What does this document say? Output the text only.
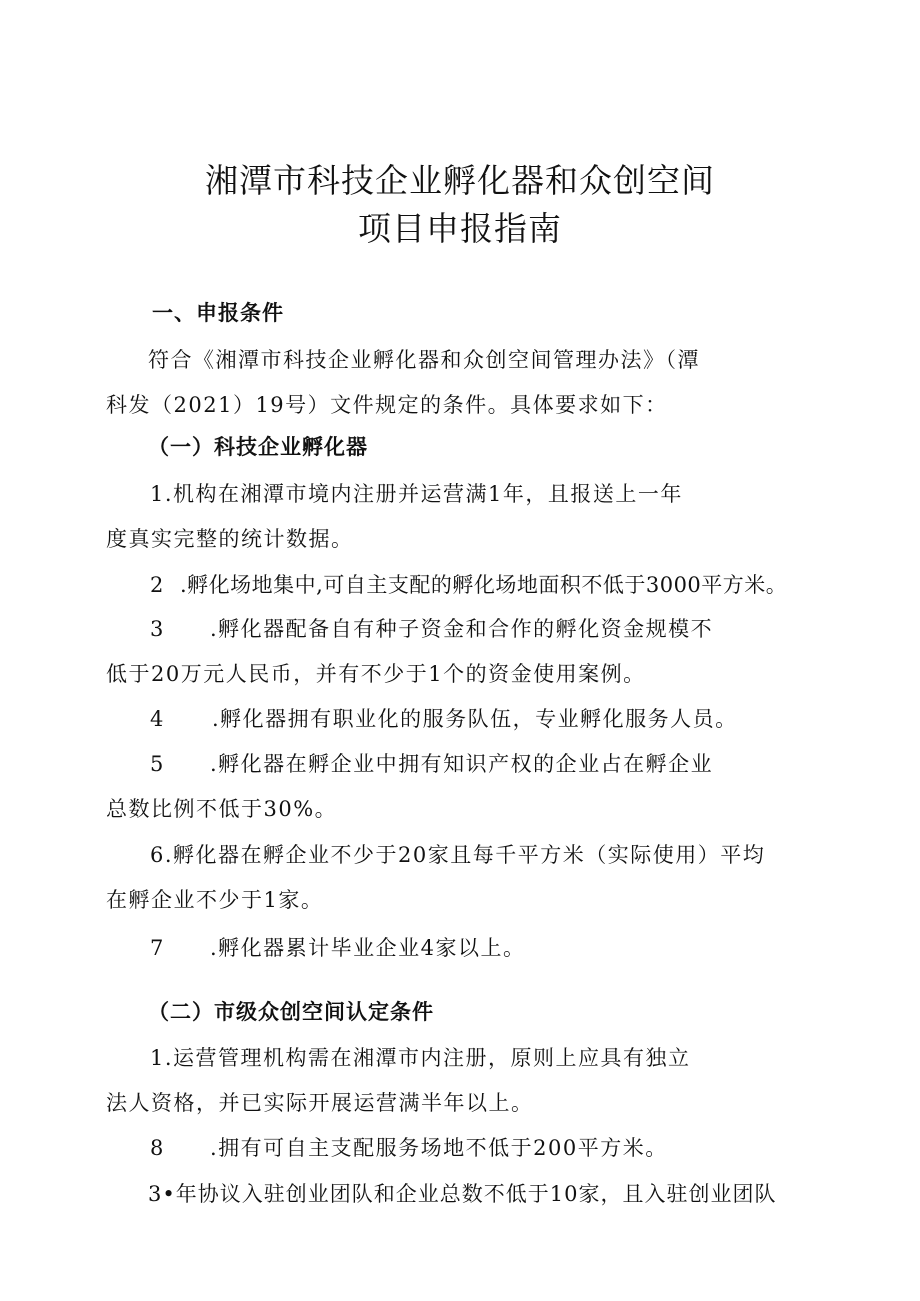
湘潭市科技企业孵化器和众创空间
项目申报指南
一、申报条件
符合《湘潭市科技企业孵化器和众创空间管理办法》（潭
科发（2021）19号）文件规定的条件。具体要求如下：
（一）科技企业孵化器
1.机构在湘潭市境内注册并运营满1年，且报送上一年
度真实完整的统计数据。
2 .孵化场地集中,可自主支配的孵化场地面积不低于3000平方米。
3 .孵化器配备自有种子资金和合作的孵化资金规模不
低于20万元人民币，并有不少于1个的资金使用案例。
4 .孵化器拥有职业化的服务队伍，专业孵化服务人员。
5 .孵化器在孵企业中拥有知识产权的企业占在孵企业
总数比例不低于30%。
6.孵化器在孵企业不少于20家且每千平方米（实际使用）平均
在孵企业不少于1家。
7 .孵化器累计毕业企业4家以上。
（二）市级众创空间认定条件
1.运营管理机构需在湘潭市内注册，原则上应具有独立
法人资格，并已实际开展运营满半年以上。
8 .拥有可自主支配服务场地不低于200平方米。
3•年协议入驻创业团队和企业总数不低于10家，且入驻创业团队
